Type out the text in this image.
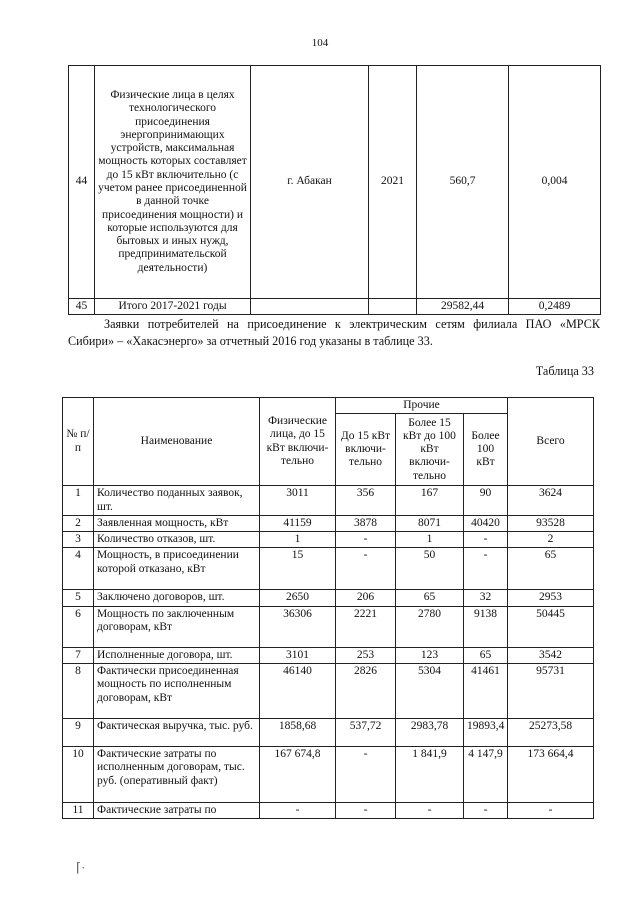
104
44	Физические лица в целях технологического присоединения энергопринимающих устройств, максимальная мощность которых составляет до 15 кВт включительно (с учетом ранее присоединенной в данной точке присоединения мощности) и которые используются для бытовых и иных нужд, предпринимательской деятельности)	г. Абакан	2021	560,7	0,004
45	Итого 2017-2021 годы			29582,44	0,2489
Заявки потребителей на присоединение к электрическим сетям филиала ПАО «МРСК Сибири» – «Хакасэнерго» за отчетный 2016 год указаны в таблице 33.
Таблица 33
№ п/п	Наименование	Физические лица, до 15 кВт включи-тельно	Прочие			Всего
			До 15 кВт включи-тельно	Более 15 кВт до 100 кВт включи-тельно	Более 100 кВт	
1	Количество поданных заявок, шт.	3011	356	167	90	3624
2	Заявленная мощность, кВт	41159	3878	8071	40420	93528
3	Количество отказов, шт.	1	-	1	-	2
4	Мощность, в присоединении которой отказано, кВт	15	-	50	-	65
5	Заключено договоров, шт.	2650	206	65	32	2953
6	Мощность по заключенным договорам, кВт	36306	2221	2780	9138	50445
7	Исполненные договора, шт.	3101	253	123	65	3542
8	Фактически присоединенная мощность по исполненным договорам, кВт	46140	2826	5304	41461	95731
9	Фактическая выручка, тыс. руб.	1858,68	537,72	2983,78	19893,4	25273,58
10	Фактические затраты по исполненным договорам, тыс. руб. (оперативный факт)	167 674,8	-	1 841,9	4 147,9	173 664,4
11	Фактические затраты по	-	-	-	-	-
⌈·
